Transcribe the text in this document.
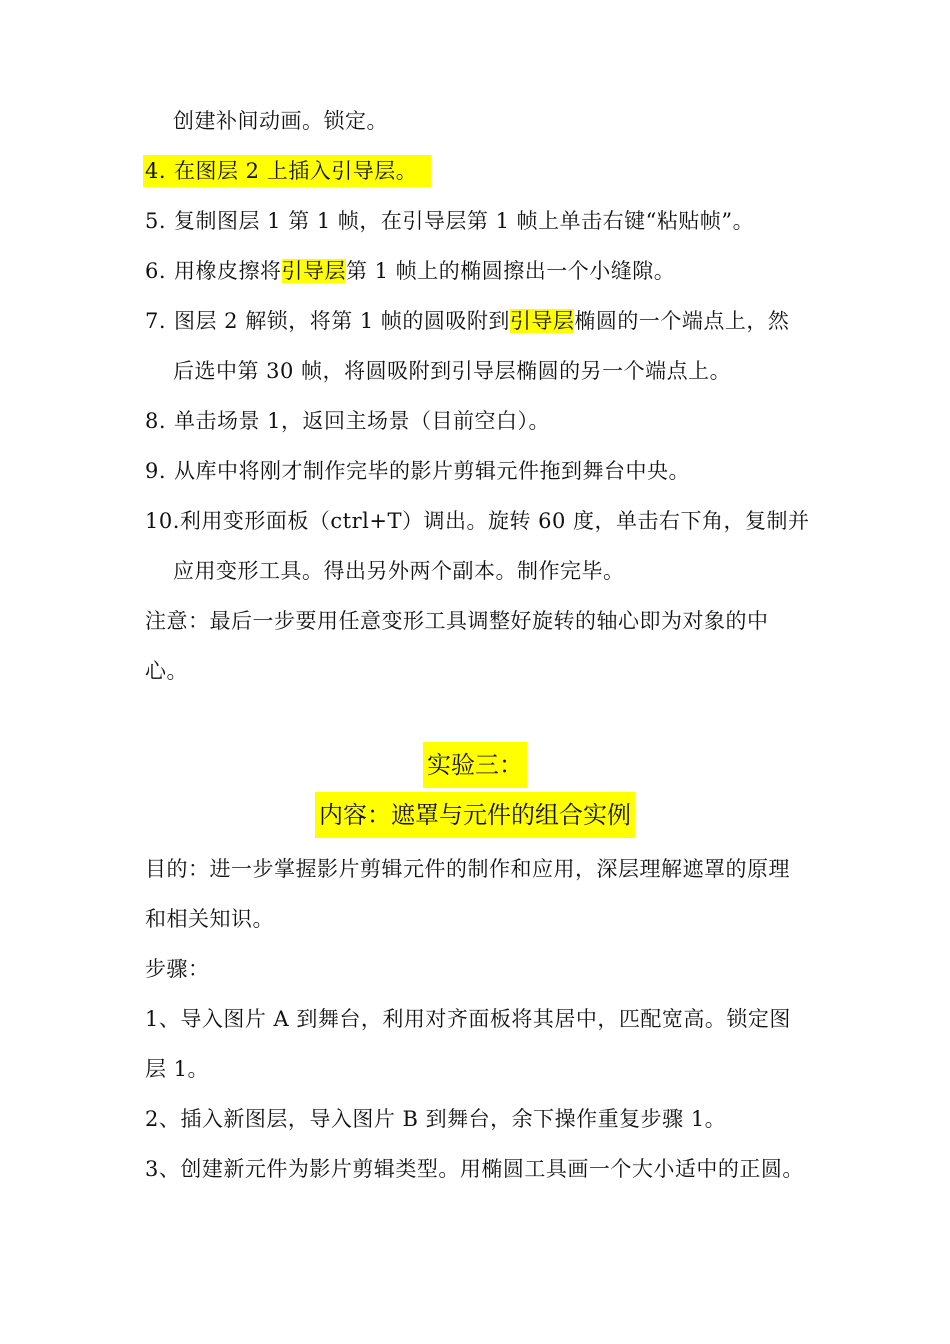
创建补间动画。锁定。
4. 在图层 2 上插入引导层。
5. 复制图层 1 第 1 帧，在引导层第 1 帧上单击右键“粘贴帧”。
6. 用橡皮擦将引导层第 1 帧上的椭圆擦出一个小缝隙。
7. 图层 2 解锁，将第 1 帧的圆吸附到引导层椭圆的一个端点上，然
后选中第 30 帧，将圆吸附到引导层椭圆的另一个端点上。
8. 单击场景 1，返回主场景（目前空白）。
9. 从库中将刚才制作完毕的影片剪辑元件拖到舞台中央。
10.利用变形面板（ctrl+T）调出。旋转 60 度，单击右下角，复制并
应用变形工具。得出另外两个副本。制作完毕。
注意：最后一步要用任意变形工具调整好旋转的轴心即为对象的中
心。
实验三：
内容：遮罩与元件的组合实例
目的：进一步掌握影片剪辑元件的制作和应用，深层理解遮罩的原理
和相关知识。
步骤：
1、导入图片 A 到舞台，利用对齐面板将其居中，匹配宽高。锁定图
层 1。
2、插入新图层，导入图片 B 到舞台，余下操作重复步骤 1。
3、创建新元件为影片剪辑类型。用椭圆工具画一个大小适中的正圆。
